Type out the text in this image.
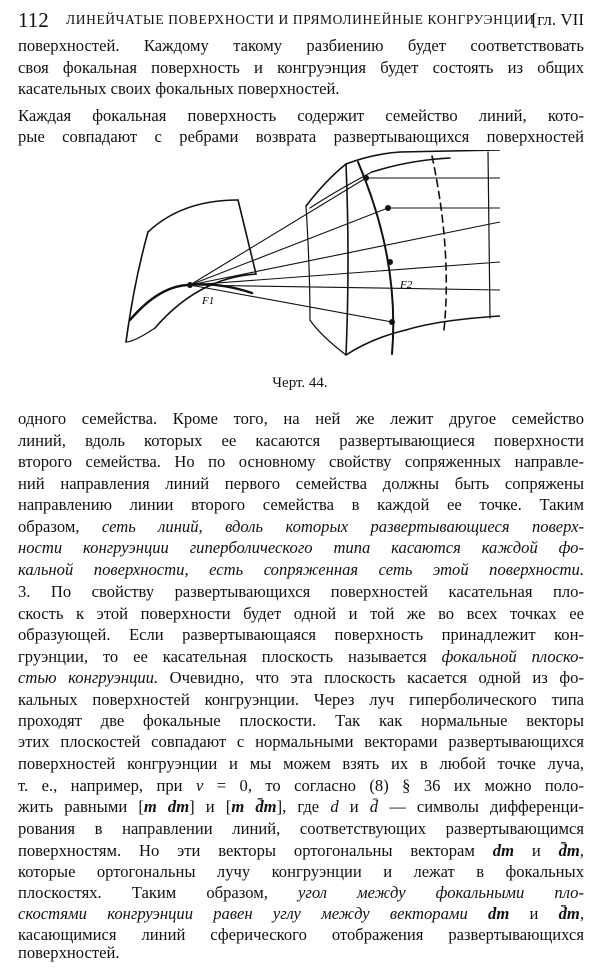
112 ЛИНЕЙЧАТЫЕ ПОВЕРХНОСТИ И ПРЯМОЛИНЕЙНЫЕ КОНГРУЭНЦИИ
[гл. VII
поверхностей. Каждому такому разбиению будет соответствовать
своя фокальная поверхность и конгруэнция будет состоять из общих
касательных своих фокальных поверхностей.
Каждая фокальная поверхность содержит семейство линий, кото-
рые совпадают с ребрами возврата развертывающихся поверхностей
одного семейства. Кроме того, на ней же лежит другое семейство
линий, вдоль которых ее касаются развертывающиеся поверхности
второго семейства. Но по основному свойству сопряженных направле-
ний направления линий первого семейства должны быть сопряжены
направлению линии второго семейства в каждой ее точке. Таким
образом, сеть линий, вдоль которых развертывающиеся поверх-
ности конгруэнции гиперболического типа касаются каждой фо-
кальной поверхности, есть сопряженная сеть этой поверхности.
3. По свойству развертывающихся поверхностей касательная пло-
скость к этой поверхности будет одной и той же во всех точках ее
образующей. Если развертывающаяся поверхность принадлежит кон-
груэнции, то ее касательная плоскость называется фокальной плоско-
стью конгруэнции. Очевидно, что эта плоскость касается одной из фо-
кальных поверхностей конгруэнции. Через луч гиперболического типа
проходят две фокальные плоскости. Так как нормальные векторы
этих плоскостей совпадают с нормальными векторами развертывающихся
поверхностей конгруэнции и мы можем взять их в любой точке луча,
т. е., например, при v = 0, то согласно (8) § 36 их можно поло-
жить равными [m dm] и [m d̄m], где d и d̄ — символы дифференци-
рования в направлении линий, соответствующих развертывающимся
поверхностям. Но эти векторы ортогональны векторам dm и d̄m,
которые ортогональны лучу конгруэнции и лежат в фокальных
плоскостях. Таким образом, угол между фокальными пло-
скостями конгруэнции равен углу между векторами dm и d̄m,
касающимися линий сферического отображения развертывающихся
поверхностей.
F1
F2
Черт. 44.
